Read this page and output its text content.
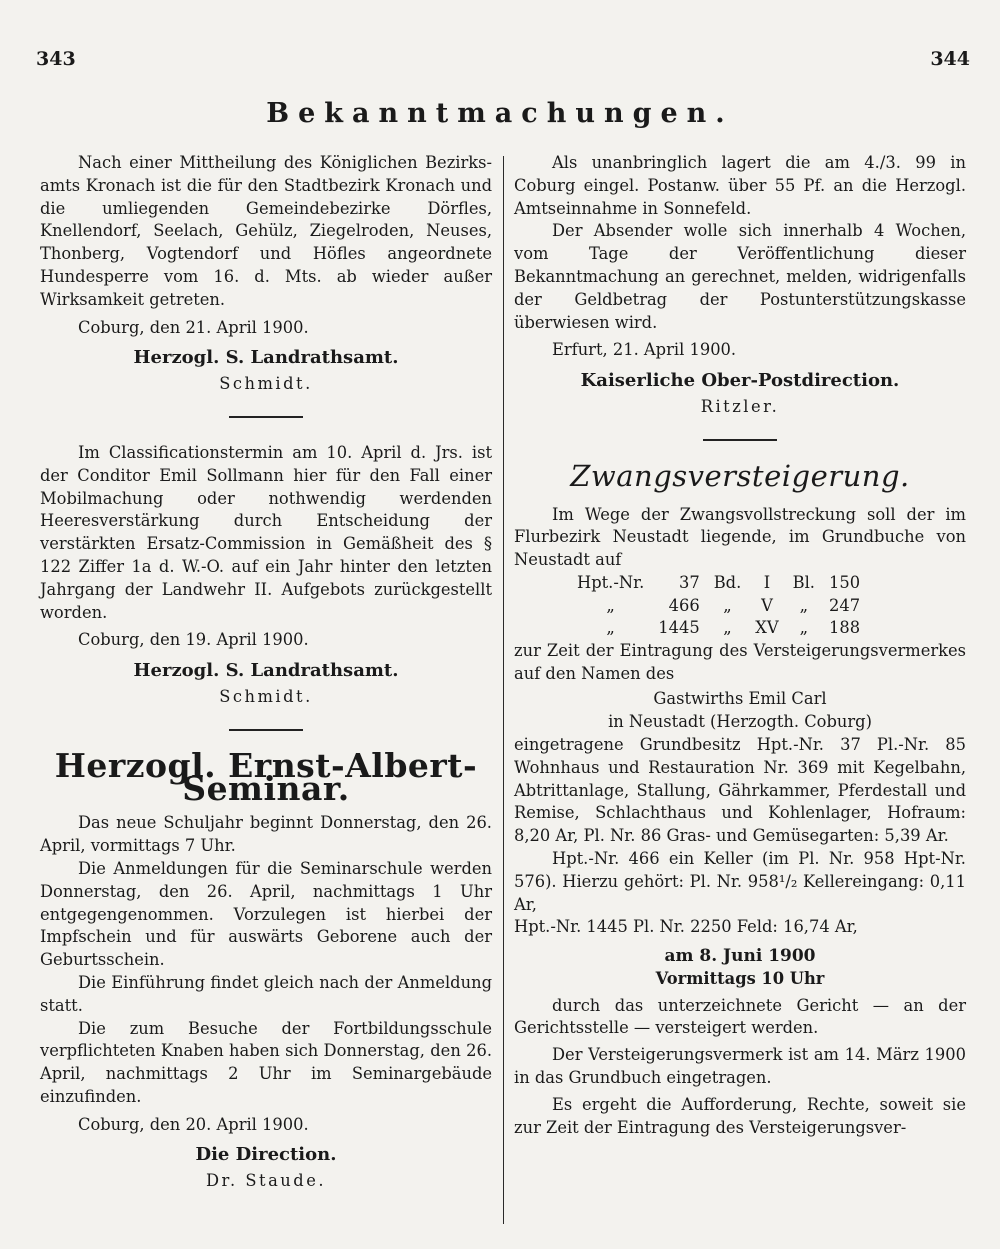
343	344
Bekanntmachungen.

Nach einer Mittheilung des Königlichen Bezirks-amts Kronach ist die für den Stadtbezirk Kronach und die umliegenden Gemeindebezirke Dörfles, Knellendorf, Seelach, Gehülz, Ziegelroden, Neuses, Thonberg, Vogtendorf und Höfles angeordnete Hundesperre vom 16. d. Mts. ab wieder außer Wirksamkeit getreten.

Coburg, den 21. April 1900.

Herzogl. S. Landrathsamt.
Schmidt.

Im Classificationstermin am 10. April d. Jrs. ist der Conditor Emil Sollmann hier für den Fall einer Mobilmachung oder nothwendig werdenden Heeresverstärkung durch Entscheidung der verstärkten Ersatz-Commission in Gemäßheit des § 122 Ziffer 1a d. W.-O. auf ein Jahr hinter den letzten Jahrgang der Landwehr II. Aufgebots zurückgestellt worden.

Coburg, den 19. April 1900.

Herzogl. S. Landrathsamt.
Schmidt.
Herzogl. Ernst-Albert-Seminar.

Das neue Schuljahr beginnt Donnerstag, den 26. April, vormittags 7 Uhr.

Die Anmeldungen für die Seminarschule werden Donnerstag, den 26. April, nachmittags 1 Uhr entgegengenommen. Vorzulegen ist hierbei der Impfschein und für auswärts Geborene auch der Geburtsschein.

Die Einführung findet gleich nach der Anmeldung statt.

Die zum Besuche der Fortbildungsschule verpflichteten Knaben haben sich Donnerstag, den 26. April, nachmittags 2 Uhr im Seminargebäude einzufinden.

Coburg, den 20. April 1900.

Die Direction.
Dr. Staude.

Als unanbringlich lagert die am 4./3. 99 in Coburg eingel. Postanw. über 55 Pf. an die Herzogl. Amtseinnahme in Sonnefeld.

Der Absender wolle sich innerhalb 4 Wochen, vom Tage der Veröffentlichung dieser Bekanntmachung an gerechnet, melden, widrigenfalls der Geldbetrag der Postunterstützungskasse überwiesen wird.

Erfurt, 21. April 1900.

Kaiserliche Ober-Postdirection.
Ritzler.
Zwangsversteigerung.

Im Wege der Zwangsvollstreckung soll der im Flurbezirk Neustadt liegende, im Grundbuche von Neustadt auf

Hpt.-Nr.	37	Bd.	I	Bl.	150
„	466	„	V	„	247
„	1445	„	XV	„	188

zur Zeit der Eintragung des Versteigerungsvermerkes auf den Namen des

Gastwirths Emil Carl
in Neustadt (Herzogth. Coburg)

eingetragene Grundbesitz Hpt.-Nr. 37 Pl.-Nr. 85 Wohnhaus und Restauration Nr. 369 mit Kegelbahn, Abtrittanlage, Stallung, Gährkammer, Pferdestall und Remise, Schlachthaus und Kohlenlager, Hofraum: 8,20 Ar, Pl. Nr. 86 Gras- und Gemüsegarten: 5,39 Ar.

Hpt.-Nr. 466 ein Keller (im Pl. Nr. 958 Hpt-Nr. 576). Hierzu gehört: Pl. Nr. 958¹/₂ Kellereingang: 0,11 Ar,

Hpt.-Nr. 1445 Pl. Nr. 2250 Feld: 16,74 Ar,

am 8. Juni 1900
Vormittags 10 Uhr

durch das unterzeichnete Gericht — an der Gerichtsstelle — versteigert werden.

Der Versteigerungsvermerk ist am 14. März 1900 in das Grundbuch eingetragen.

Es ergeht die Aufforderung, Rechte, soweit sie zur Zeit der Eintragung des Versteigerungsver-
